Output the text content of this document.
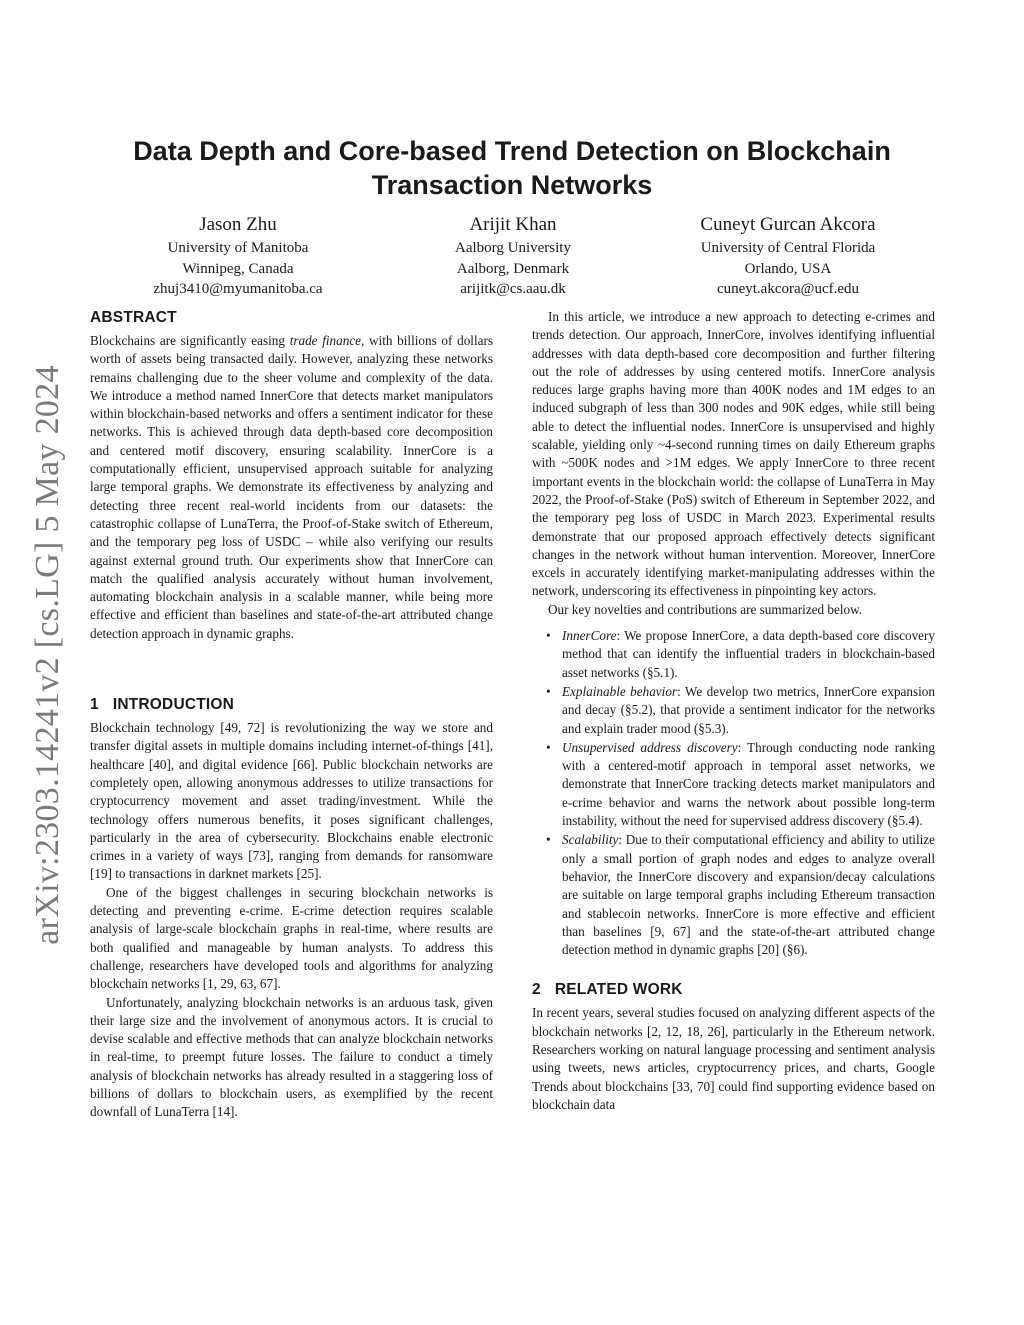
arXiv:2303.14241v2 [cs.LG] 5 May 2024
Data Depth and Core-based Trend Detection on Blockchain
Transaction Networks
Jason Zhu
University of Manitoba
Winnipeg, Canada
zhuj3410@myumanitoba.ca
Arijit Khan
Aalborg University
Aalborg, Denmark
arijitk@cs.aau.dk
Cuneyt Gurcan Akcora
University of Central Florida
Orlando, USA
cuneyt.akcora@ucf.edu
ABSTRACT

Blockchains are significantly easing trade finance, with billions of dollars worth of assets being transacted daily. However, analyzing these networks remains challenging due to the sheer volume and complexity of the data. We introduce a method named InnerCore that detects market manipulators within blockchain-based networks and offers a sentiment indicator for these networks. This is achieved through data depth-based core decomposition and centered motif discovery, ensuring scalability. InnerCore is a computationally efficient, unsupervised approach suitable for analyzing large temporal graphs. We demonstrate its effectiveness by analyzing and detecting three recent real-world incidents from our datasets: the catastrophic collapse of LunaTerra, the Proof-of-Stake switch of Ethereum, and the temporary peg loss of USDC – while also verifying our results against external ground truth. Our experiments show that InnerCore can match the qualified analysis accurately without human involvement, automating blockchain analysis in a scalable manner, while being more effective and efficient than baselines and state-of-the-art attributed change detection approach in dynamic graphs.

1 INTRODUCTION

Blockchain technology [49, 72] is revolutionizing the way we store and transfer digital assets in multiple domains including internet-of-things [41], healthcare [40], and digital evidence [66]. Public blockchain networks are completely open, allowing anonymous addresses to utilize transactions for cryptocurrency movement and asset trading/investment. While the technology offers numerous benefits, it poses significant challenges, particularly in the area of cybersecurity. Blockchains enable electronic crimes in a variety of ways [73], ranging from demands for ransomware [19] to transactions in darknet markets [25].

One of the biggest challenges in securing blockchain networks is detecting and preventing e-crime. E-crime detection requires scalable analysis of large-scale blockchain graphs in real-time, where results are both qualified and manageable by human analysts. To address this challenge, researchers have developed tools and algorithms for analyzing blockchain networks [1, 29, 63, 67].

Unfortunately, analyzing blockchain networks is an arduous task, given their large size and the involvement of anonymous actors. It is crucial to devise scalable and effective methods that can analyze blockchain networks in real-time, to preempt future losses. The failure to conduct a timely analysis of blockchain networks has already resulted in a staggering loss of billions of dollars to blockchain users, as exemplified by the recent downfall of LunaTerra [14].

In this article, we introduce a new approach to detecting e-crimes and trends detection. Our approach, InnerCore, involves identifying influential addresses with data depth-based core decomposition and further filtering out the role of addresses by using centered motifs. InnerCore analysis reduces large graphs having more than 400K nodes and 1M edges to an induced subgraph of less than 300 nodes and 90K edges, while still being able to detect the influential nodes. InnerCore is unsupervised and highly scalable, yielding only ~4-second running times on daily Ethereum graphs with ~500K nodes and >1M edges. We apply InnerCore to three recent important events in the blockchain world: the collapse of LunaTerra in May 2022, the Proof-of-Stake (PoS) switch of Ethereum in September 2022, and the temporary peg loss of USDC in March 2023. Experimental results demonstrate that our proposed approach effectively detects significant changes in the network without human intervention. Moreover, InnerCore excels in accurately identifying market-manipulating addresses within the network, underscoring its effectiveness in pinpointing key actors.

Our key novelties and contributions are summarized below.

• InnerCore: We propose InnerCore, a data depth-based core discovery method that can identify the influential traders in blockchain-based asset networks (§5.1).
• Explainable behavior: We develop two metrics, InnerCore expansion and decay (§5.2), that provide a sentiment indicator for the networks and explain trader mood (§5.3).
• Unsupervised address discovery: Through conducting node ranking with a centered-motif approach in temporal asset networks, we demonstrate that InnerCore tracking detects market manipulators and e-crime behavior and warns the network about possible long-term instability, without the need for supervised address discovery (§5.4).
• Scalability: Due to their computational efficiency and ability to utilize only a small portion of graph nodes and edges to analyze overall behavior, the InnerCore discovery and expansion/decay calculations are suitable on large temporal graphs including Ethereum transaction and stablecoin networks. InnerCore is more effective and efficient than baselines [9, 67] and the state-of-the-art attributed change detection method in dynamic graphs [20] (§6).
2 RELATED WORK

In recent years, several studies focused on analyzing different aspects of the blockchain networks [2, 12, 18, 26], particularly in the Ethereum network. Researchers working on natural language processing and sentiment analysis using tweets, news articles, cryptocurrency prices, and charts, Google Trends about blockchains [33, 70] could find supporting evidence based on blockchain data
